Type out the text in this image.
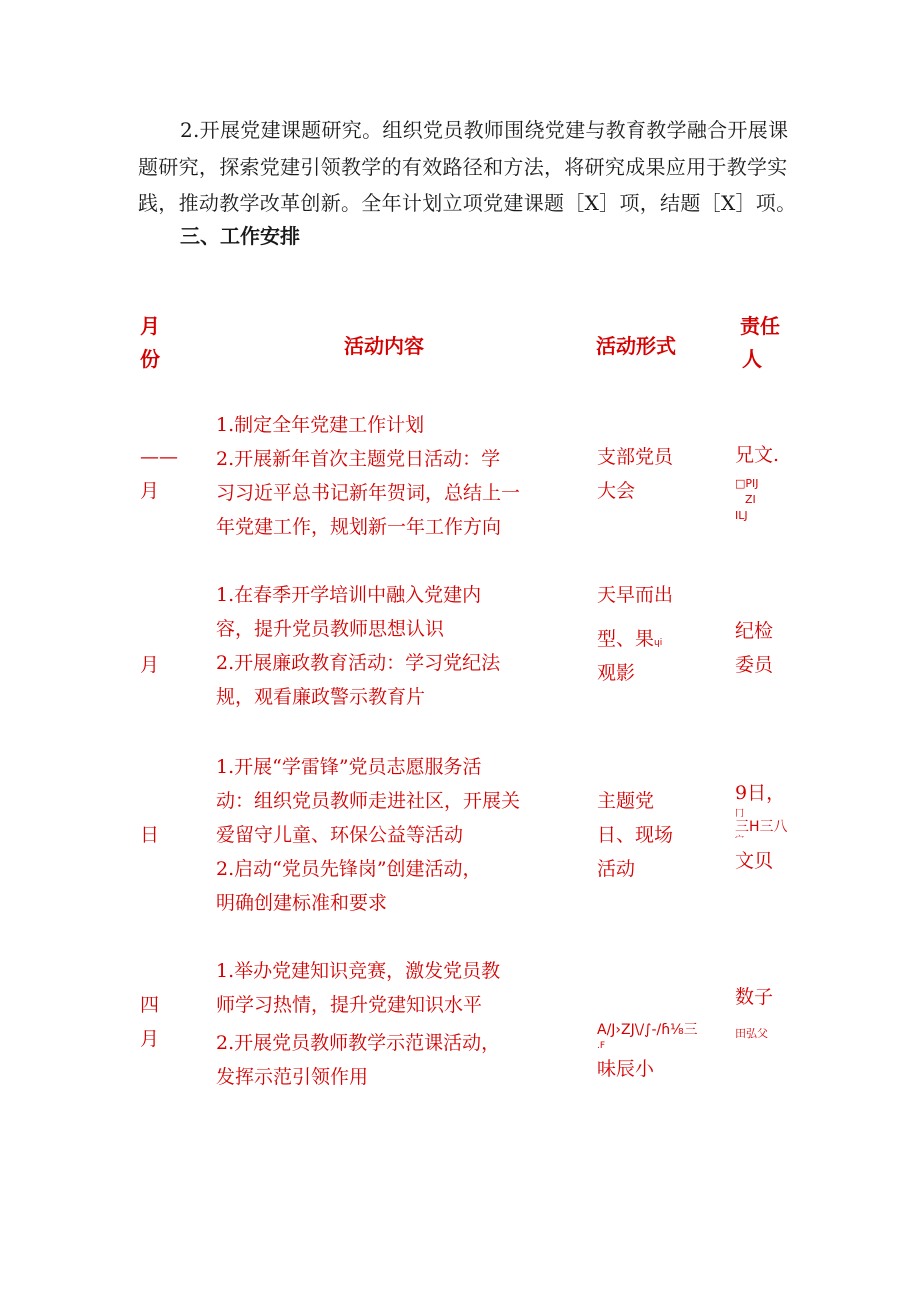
2.开展党建课题研究。组织党员教师围绕党建与教育教学融合开展课
题研究，探索党建引领教学的有效路径和方法，将研究成果应用于教学实
践，推动教学改革创新。全年计划立项党建课题［X］项，结题［X］项。
三、工作安排
月
份
活动内容	活动形式
责任
人
——
月
1.制定全年党建工作计划
2.开展新年首次主题党日活动：学
习习近平总书记新年贺词，总结上一
年党建工作，规划新一年工作方向
支部党员
大会
兄文.
□PIJ
ZI
ILJ
月
1.在春季开学培训中融入党建内
容，提升党员教师思想认识
2.开展廉政教育活动：学习党纪法
规，观看廉政警示教育片
天早而出
型、果ɥi
观影
纪检
委员
日
1.开展“学雷锋”党员志愿服务活
动：组织党员教师走进社区，开展关
爱留守儿童、环保公益等活动
2.启动“党员先锋岗”创建活动，
明确创建标准和要求
主题党
日、现场
活动
9日，
冂
三H三八
宀
文贝
四
月
1.举办党建知识竞赛，激发党员教
师学习热情，提升党建知识水平
2.开展党员教师教学示范课活动，
发挥示范引领作用
A/J›ZJ\/∫-/ɦ⅛三
.F
味辰小
数子
田弘父
